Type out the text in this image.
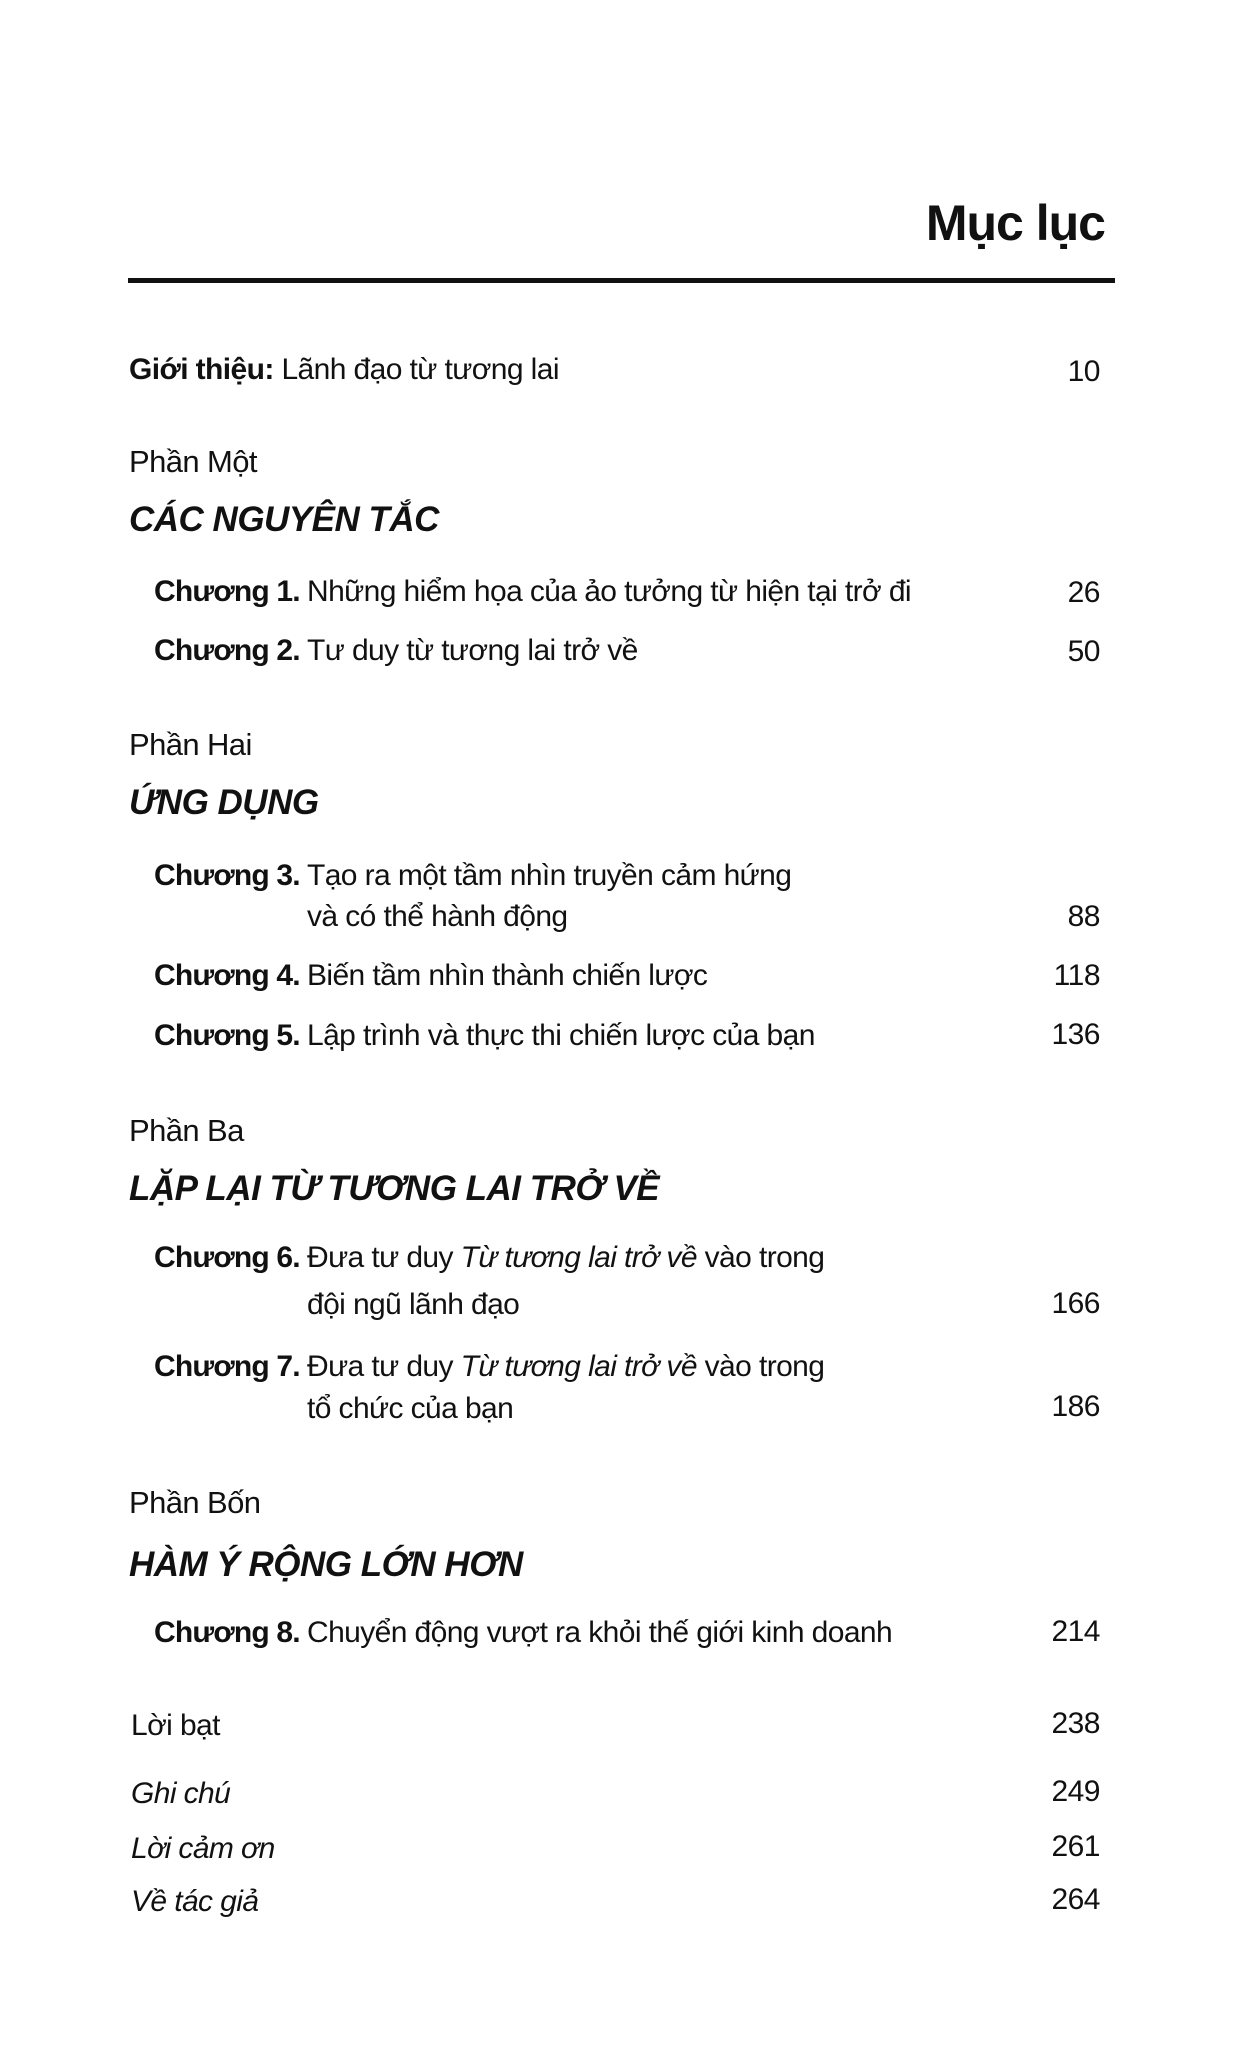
Mục lục
Giới thiệu: Lãnh đạo từ tương lai	10
Phần Một
CÁC NGUYÊN TẮC
Chương 1. Những hiểm họa của ảo tưởng từ hiện tại trở đi	26
Chương 2. Tư duy từ tương lai trở về	50
Phần Hai
ỨNG DỤNG
Chương 3. Tạo ra một tầm nhìn truyền cảm hứng
và có thể hành động	88
Chương 4. Biến tầm nhìn thành chiến lược	118
Chương 5. Lập trình và thực thi chiến lược của bạn	136
Phần Ba
LẶP LẠI TỪ TƯƠNG LAI TRỞ VỀ
Chương 6. Đưa tư duy Từ tương lai trở về vào trong
đội ngũ lãnh đạo	166
Chương 7. Đưa tư duy Từ tương lai trở về vào trong
tổ chức của bạn	186
Phần Bốn
HÀM Ý RỘNG LỚN HƠN
Chương 8. Chuyển động vượt ra khỏi thế giới kinh doanh	214
Lời bạt	238
Ghi chú	249
Lời cảm ơn	261
Về tác giả	264
